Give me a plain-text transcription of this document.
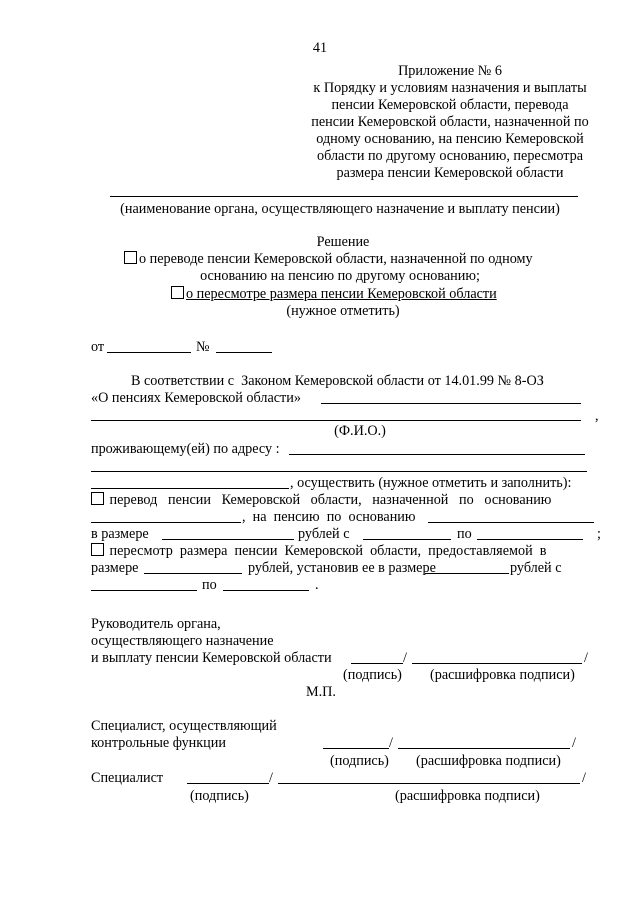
41
Приложение № 6
к Порядку и условиям назначения и выплаты
пенсии Кемеровской области, перевода
пенсии Кемеровской области, назначенной по
одному основанию, на пенсию Кемеровской
области по другому основанию, пересмотра
размера пенсии Кемеровской области
(наименование органа, осуществляющего назначение и выплату пенсии)
Решение
о переводе пенсии Кемеровской области, назначенной по одному
основанию на пенсию по другому основанию;
о пересмотре размера пенсии Кемеровской области
(нужное отметить)
от	№
В соответствии с  Законом Кемеровской области от 14.01.99 № 8-ОЗ
«О пенсиях Кемеровской области»
,
(Ф.И.О.)
проживающему(ей) по адресу :
, осуществить (нужное отметить и заполнить):
перевод   пенсии   Кемеровской   области,   назначенной   по   основанию
,  на  пенсию  по  основанию
в размере	рублей с	по	;
пересмотр  размера  пенсии  Кемеровской  области,  предоставляемой  в
размере	рублей, установив ее в размере	рублей с
по	.
Руководитель органа,
осуществляющего назначение
и выплату пенсии Кемеровской области	/	/
(подпись) (расшифровка подписи)
М.П.
Специалист, осуществляющий
контрольные функции	/	/
(подпись) (расшифровка подписи)
Специалист	/	/
(подпись)	(расшифровка подписи)
